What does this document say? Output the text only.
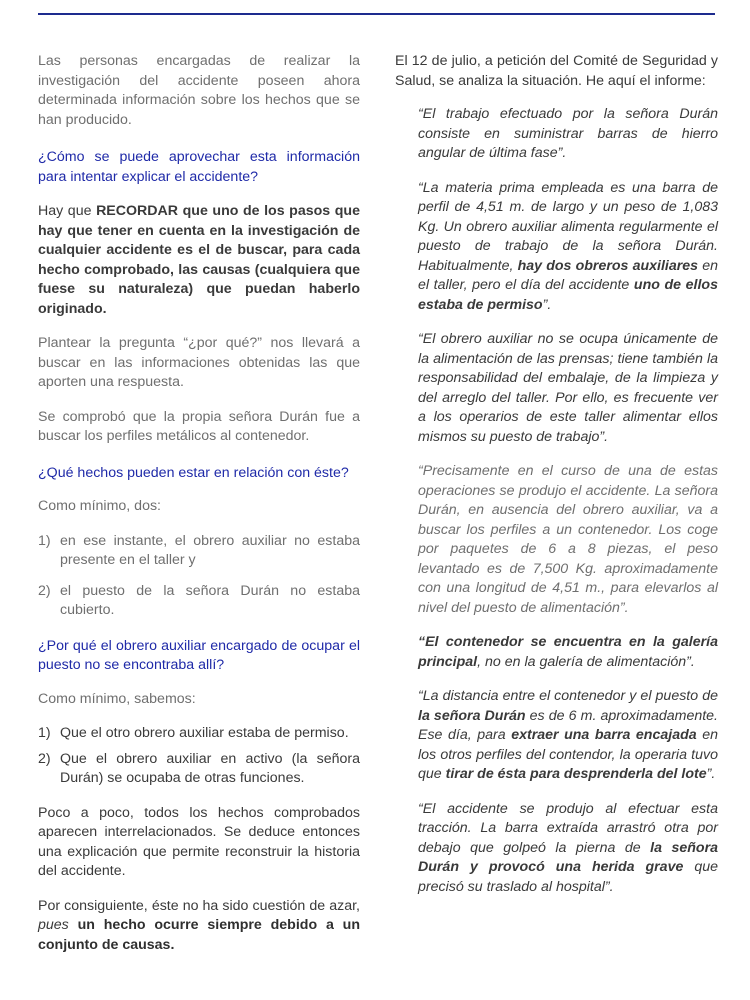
Las personas encargadas de realizar la investigación del accidente poseen ahora determinada información sobre los hechos que se han producido.

¿Cómo se puede aprovechar esta información para intentar explicar el accidente?

Hay que RECORDAR que uno de los pasos que hay que tener en cuenta en la investigación de cualquier accidente es el de buscar, para cada hecho comprobado, las causas (cualquiera que fuese su naturaleza) que puedan haberlo originado.

Plantear la pregunta “¿por qué?” nos llevará a buscar en las informaciones obtenidas las que aporten una respuesta.

Se comprobó que la propia señora Durán fue a buscar los perfiles metálicos al contenedor.

¿Qué hechos pueden estar en relación con éste?

Como mínimo, dos:

1) en ese instante, el obrero auxiliar no estaba presente en el taller y
2) el puesto de la señora Durán no estaba cubierto.

¿Por qué el obrero auxiliar encargado de ocupar el puesto no se encontraba allí?

Como mínimo, sabemos:

1) Que el otro obrero auxiliar estaba de permiso.
2) Que el obrero auxiliar en activo (la señora Durán) se ocupaba de otras funciones.

Poco a poco, todos los hechos comprobados aparecen interrelacionados. Se deduce entonces una explicación que permite reconstruir la historia del accidente.

Por consiguiente, éste no ha sido cuestión de azar, pues un hecho ocurre siempre debido a un conjunto de causas.

El 12 de julio, a petición del Comité de Seguridad y Salud, se analiza la situación. He aquí el informe:

“El trabajo efectuado por la señora Durán consiste en suministrar barras de hierro angular de última fase”.

“La materia prima empleada es una barra de perfil de 4,51 m. de largo y un peso de 1,083 Kg. Un obrero auxiliar alimenta regularmente el puesto de trabajo de la señora Durán. Habitualmente, hay dos obreros auxiliares en el taller, pero el día del accidente uno de ellos estaba de permiso”.

“El obrero auxiliar no se ocupa únicamente de la alimentación de las prensas; tiene también la responsabilidad del embalaje, de la limpieza y del arreglo del taller. Por ello, es frecuente ver a los operarios de este taller alimentar ellos mismos su puesto de trabajo”.

“Precisamente en el curso de una de estas operaciones se produjo el accidente. La señora Durán, en ausencia del obrero auxiliar, va a buscar los perfiles a un contenedor. Los coge por paquetes de 6 a 8 piezas, el peso levantado es de 7,500 Kg. aproximadamente con una longitud de 4,51 m., para elevarlos al nivel del puesto de alimentación”.

“El contenedor se encuentra en la galería principal, no en la galería de alimentación”.

“La distancia entre el contenedor y el puesto de la señora Durán es de 6 m. aproximadamente. Ese día, para extraer una barra encajada en los otros perfiles del contendor, la operaria tuvo que tirar de ésta para desprenderla del lote”.

“El accidente se produjo al efectuar esta tracción. La barra extraída arrastró otra por debajo que golpeó la pierna de la señora Durán y provocó una herida grave que precisó su traslado al hospital”.
